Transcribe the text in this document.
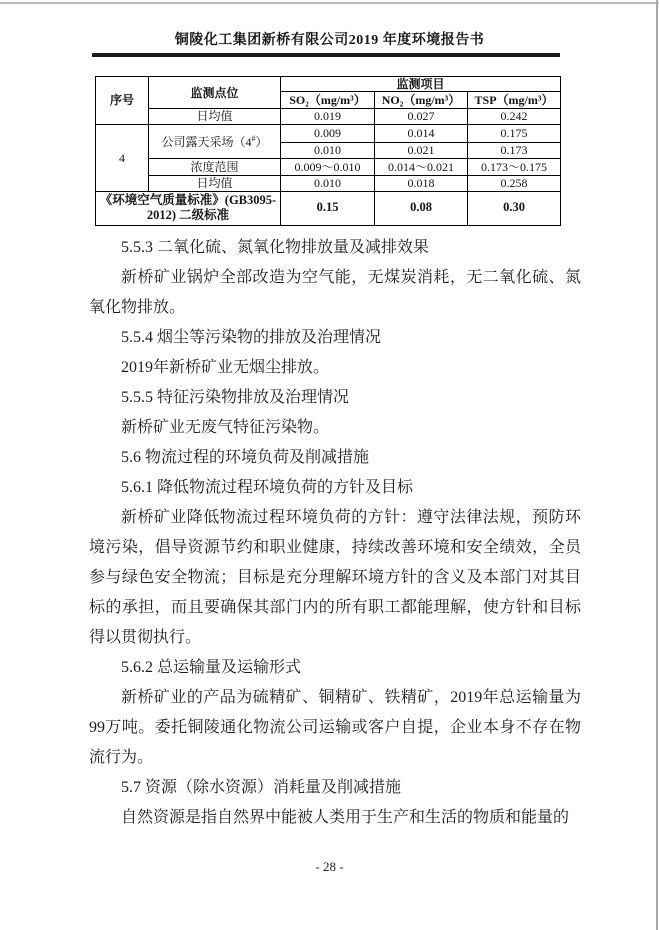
铜陵化工集团新桥有限公司2019 年度环境报告书
序号	监测点位	监测项目		
		SO₂（mg/m³）	NO₂（mg/m³）	TSP（mg/m³）
	日均值	0.019	0.027	0.242
4	公司露天采场（4#）	0.009	0.014	0.175
		0.010	0.021	0.173
	浓度范围	0.009～0.010	0.014～0.021	0.173～0.175
	日均值	0.010	0.018	0.258
《环境空气质量标准》(GB3095-2012) 二级标准		0.15	0.08	0.30

5.5.3 二氧化硫、氮氧化物排放量及减排效果

新桥矿业锅炉全部改造为空气能，无煤炭消耗，无二氧化硫、氮氧化物排放。

5.5.4 烟尘等污染物的排放及治理情况

2019年新桥矿业无烟尘排放。

5.5.5 特征污染物排放及治理情况

新桥矿业无废气特征污染物。

5.6 物流过程的环境负荷及削减措施

5.6.1 降低物流过程环境负荷的方针及目标

新桥矿业降低物流过程环境负荷的方针：遵守法律法规，预防环境污染，倡导资源节约和职业健康，持续改善环境和安全绩效，全员参与绿色安全物流；目标是充分理解环境方针的含义及本部门对其目标的承担，而且要确保其部门内的所有职工都能理解，使方针和目标得以贯彻执行。

5.6.2 总运输量及运输形式

新桥矿业的产品为硫精矿、铜精矿、铁精矿，2019年总运输量为99万吨。委托铜陵通化物流公司运输或客户自提，企业本身不存在物流行为。

5.7 资源（除水资源）消耗量及削减措施

自然资源是指自然界中能被人类用于生产和生活的物质和能量的

- 28 -
